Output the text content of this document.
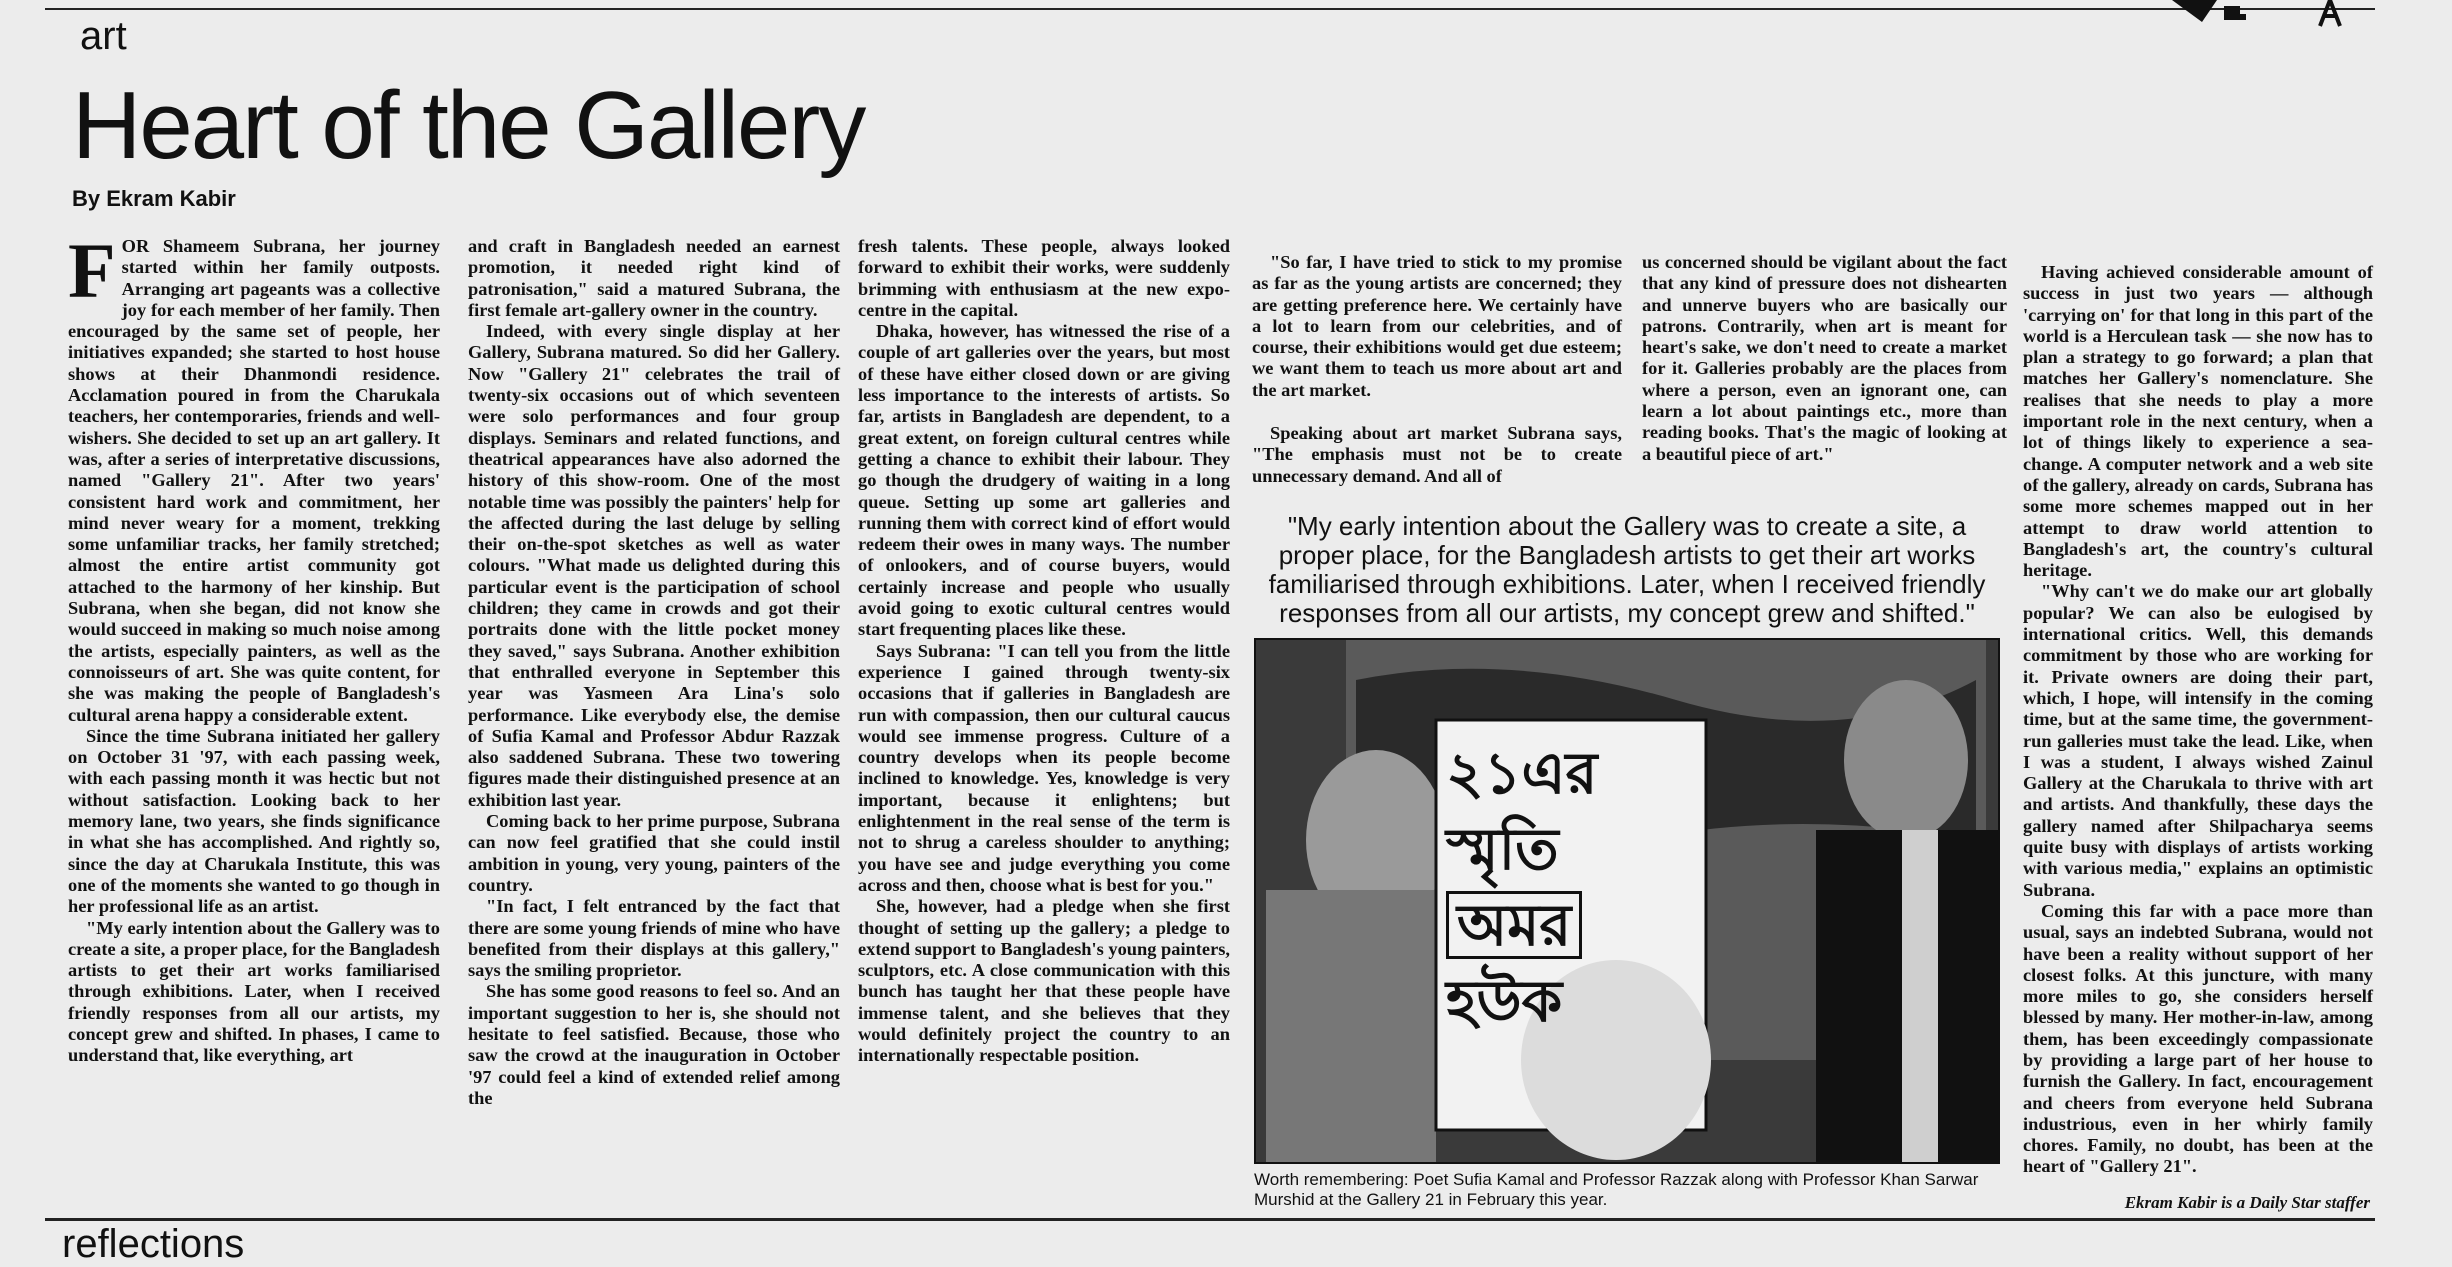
art
Heart of the Gallery
By Ekram Kabir

FOR Shameem Subrana, her journey started within her family outposts. Arranging art pageants was a collective joy for each member of her family. Then encouraged by the same set of people, her initiatives expanded; she started to host house shows at their Dhanmondi residence. Acclamation poured in from the Charukala teachers, her contemporaries, friends and well-wishers. She decided to set up an art gallery. It was, after a series of interpretative discussions, named "Gallery 21". After two years' consistent hard work and commitment, her mind never weary for a moment, trekking some unfamiliar tracks, her family stretched; almost the entire artist community got attached to the harmony of her kinship. But Subrana, when she began, did not know she would succeed in making so much noise among the artists, especially painters, as well as the connoisseurs of art. She was quite content, for she was making the people of Bangladesh's cultural arena happy a considerable extent.

Since the time Subrana initiated her gallery on October 31 '97, with each passing week, with each passing month it was hectic but not without satisfaction. Looking back to her memory lane, two years, she finds significance in what she has accomplished. And rightly so, since the day at Charukala Institute, this was one of the moments she wanted to go though in her professional life as an artist.

"My early intention about the Gallery was to create a site, a proper place, for the Bangladesh artists to get their art works familiarised through exhibitions. Later, when I received friendly responses from all our artists, my concept grew and shifted. In phases, I came to understand that, like everything, art

and craft in Bangladesh needed an earnest promotion, it needed right kind of patronisation," said a matured Subrana, the first female art-gallery owner in the country.

Indeed, with every single display at her Gallery, Subrana matured. So did her Gallery. Now "Gallery 21" celebrates the trail of twenty-six occasions out of which seventeen were solo performances and four group displays. Seminars and related functions, and theatrical appearances have also adorned the history of this show-room. One of the most notable time was possibly the painters' help for the affected during the last deluge by selling their on-the-spot sketches as well as water colours. "What made us delighted during this particular event is the participation of school children; they came in crowds and got their portraits done with the little pocket money they saved," says Subrana. Another exhibition that enthralled everyone in September this year was Yasmeen Ara Lina's solo performance. Like everybody else, the demise of Sufia Kamal and Professor Abdur Razzak also saddened Subrana. These two towering figures made their distinguished presence at an exhibition last year.

Coming back to her prime purpose, Subrana can now feel gratified that she could instil ambition in young, very young, painters of the country.

"In fact, I felt entranced by the fact that there are some young friends of mine who have benefited from their displays at this gallery," says the smiling proprietor.

She has some good reasons to feel so. And an important suggestion to her is, she should not hesitate to feel satisfied. Because, those who saw the crowd at the inauguration in October '97 could feel a kind of extended relief among the

fresh talents. These people, always looked forward to exhibit their works, were suddenly brimming with enthusiasm at the new expo-centre in the capital.

Dhaka, however, has witnessed the rise of a couple of art galleries over the years, but most of these have either closed down or are giving less importance to the interests of artists. So far, artists in Bangladesh are dependent, to a great extent, on foreign cultural centres while getting a chance to exhibit their labour. They go though the drudgery of waiting in a long queue. Setting up some art galleries and running them with correct kind of effort would redeem their owes in many ways. The number of onlookers, and of course buyers, would certainly increase and people who usually avoid going to exotic cultural centres would start frequenting places like these.

Says Subrana: "I can tell you from the little experience I gained through twenty-six occasions that if galleries in Bangladesh are run with compassion, then our cultural caucus would see immense progress. Culture of a country develops when its people become inclined to knowledge. Yes, knowledge is very important, because it enlightens; but enlightenment in the real sense of the term is not to shrug a careless shoulder to anything; you have see and judge everything you come across and then, choose what is best for you."

She, however, had a pledge when she first thought of setting up the gallery; a pledge to extend support to Bangladesh's young painters, sculptors, etc. A close communication with this bunch has taught her that these people have immense talent, and she believes that they would definitely project the country to an internationally respectable position.

"So far, I have tried to stick to my promise as far as the young artists are concerned; they are getting preference here. We certainly have a lot to learn from our celebrities, and of course, their exhibitions would get due esteem; we want them to teach us more about art and the art market.

Speaking about art market Subrana says, "The emphasis must not be to create unnecessary demand. And all of

us concerned should be vigilant about the fact that any kind of pressure does not dishearten and unnerve buyers who are basically our patrons. Contrarily, when art is meant for heart's sake, we don't need to create a market for it. Galleries probably are the places from where a person, even an ignorant one, can learn a lot about paintings etc., more than reading books. That's the magic of looking at a beautiful piece of art."

Having achieved considerable amount of success in just two years — although 'carrying on' for that long in this part of the world is a Herculean task — she now has to plan a strategy to go forward; a plan that matches her Gallery's nomenclature. She realises that she needs to play a more important role in the next century, when a lot of things likely to experience a sea-change. A computer network and a web site of the gallery, already on cards, Subrana has some more schemes mapped out in her attempt to draw world attention to Bangladesh's art, the country's cultural heritage.

"Why can't we do make our art globally popular? We can also be eulogised by international critics. Well, this demands commitment by those who are working for it. Private owners are doing their part, which, I hope, will intensify in the coming time, but at the same time, the government-run galleries must take the lead. Like, when I was a student, I always wished Zainul Gallery at the Charukala to thrive with art and artists. And thankfully, these days the gallery named after Shilpacharya seems quite busy with displays of artists working with various media," explains an optimistic Subrana.

Coming this far with a pace more than usual, says an indebted Subrana, would not have been a reality without support of her closest folks. At this juncture, with many more miles to go, she considers herself blessed by many. Her mother-in-law, among them, has been exceedingly compassionate by providing a large part of her house to furnish the Gallery. In fact, encouragement and cheers from everyone held Subrana industrious, even in her whirly family chores. Family, no doubt, has been at the heart of "Gallery 21".

"My early intention about the Gallery was to create a site, a proper place, for the Bangladesh artists to get their art works familiarised through exhibitions. Later, when I received friendly responses from all our artists, my concept grew and shifted."
২১এর
স্মৃতি
অমর
হউক
Worth remembering: Poet Sufia Kamal and Professor Razzak along with Professor Khan Sarwar Murshid at the Gallery 21 in February this year.	Ekram Kabir is a Daily Star staffer
reflections
